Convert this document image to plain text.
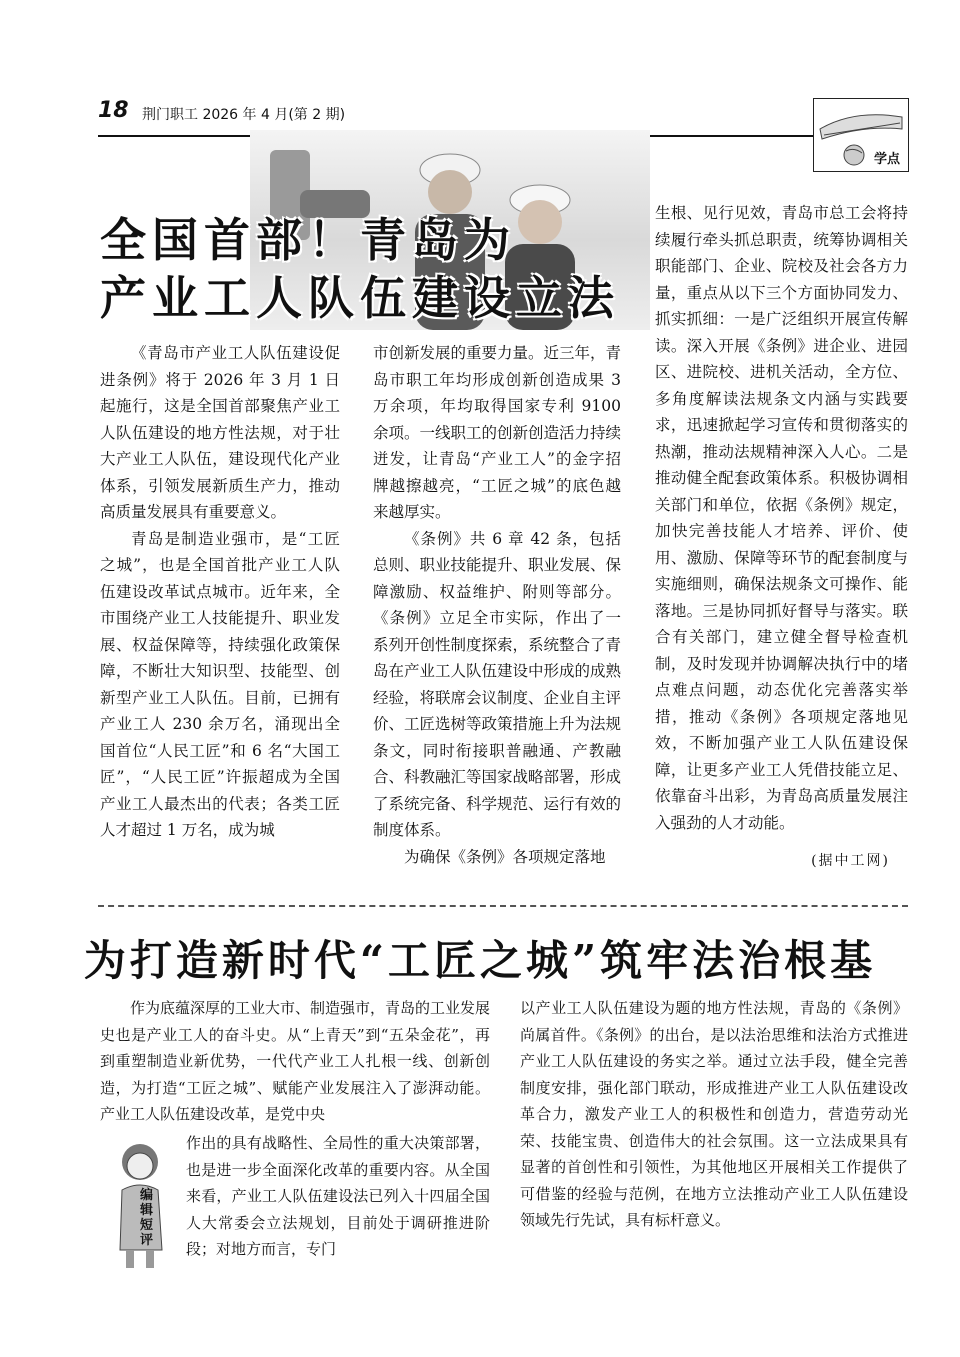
18 荆门职工 2026 年 4 月(第 2 期)
学点
全国首部！青岛为
产业工人队伍建设立法

《青岛市产业工人队伍建设促进条例》将于 2026 年 3 月 1 日起施行，这是全国首部聚焦产业工人队伍建设的地方性法规，对于壮大产业工人队伍，建设现代化产业体系，引领发展新质生产力，推动高质量发展具有重要意义。

青岛是制造业强市，是“工匠之城”，也是全国首批产业工人队伍建设改革试点城市。近年来，全市围绕产业工人技能提升、职业发展、权益保障等，持续强化政策保障，不断壮大知识型、技能型、创新型产业工人队伍。目前，已拥有产业工人 230 余万名，涌现出全国首位“人民工匠”和 6 名“大国工匠”，“人民工匠”许振超成为全国产业工人最杰出的代表；各类工匠人才超过 1 万名，成为城

市创新发展的重要力量。近三年，青岛市职工年均形成创新创造成果 3 万余项，年均取得国家专利 9100 余项。一线职工的创新创造活力持续迸发，让青岛“产业工人”的金字招牌越擦越亮，“工匠之城”的底色越来越厚实。

《条例》共 6 章 42 条，包括总则、职业技能提升、职业发展、保障激励、权益维护、附则等部分。《条例》立足全市实际，作出了一系列开创性制度探索，系统整合了青岛在产业工人队伍建设中形成的成熟经验，将联席会议制度、企业自主评价、工匠选树等政策措施上升为法规条文，同时衔接职普融通、产教融合、科教融汇等国家战略部署，形成了系统完备、科学规范、运行有效的制度体系。

为确保《条例》各项规定落地

生根、见行见效，青岛市总工会将持续履行牵头抓总职责，统筹协调相关职能部门、企业、院校及社会各方力量，重点从以下三个方面协同发力、抓实抓细：一是广泛组织开展宣传解读。深入开展《条例》进企业、进园区、进院校、进机关活动，全方位、多角度解读法规条文内涵与实践要求，迅速掀起学习宣传和贯彻落实的热潮，推动法规精神深入人心。二是推动健全配套政策体系。积极协调相关部门和单位，依据《条例》规定，加快完善技能人才培养、评价、使用、激励、保障等环节的配套制度与实施细则，确保法规条文可操作、能落地。三是协同抓好督导与落实。联合有关部门，建立健全督导检查机制，及时发现并协调解决执行中的堵点难点问题，动态优化完善落实举措，推动《条例》各项规定落地见效，不断加强产业工人队伍建设保障，让更多产业工人凭借技能立足、依靠奋斗出彩，为青岛高质量发展注入强劲的人才动能。

(据中工网)
为打造新时代“工匠之城”筑牢法治根基

作为底蕴深厚的工业大市、制造强市，青岛的工业发展史也是产业工人的奋斗史。从“上青天”到“五朵金花”，再到重塑制造业新优势，一代代产业工人扎根一线、创新创造，为打造“工匠之城”、赋能产业发展注入了澎湃动能。产业工人队伍建设改革，是党中央

作出的具有战略性、全局性的重大决策部署，也是进一步全面深化改革的重要内容。从全国来看，产业工人队伍建设法已列入十四届全国人大常委会立法规划，目前处于调研推进阶段；对地方而言，专门

以产业工人队伍建设为题的地方性法规，青岛的《条例》尚属首件。《条例》的出台，是以法治思维和法治方式推进产业工人队伍建设的务实之举。通过立法手段，健全完善制度安排，强化部门联动，形成推进产业工人队伍建设改革合力，激发产业工人的积极性和创造力，营造劳动光荣、技能宝贵、创造伟大的社会氛围。这一立法成果具有显著的首创性和引领性，为其他地区开展相关工作提供了可借鉴的经验与范例，在地方立法推动产业工人队伍建设领域先行先试，具有标杆意义。

编辑短评
